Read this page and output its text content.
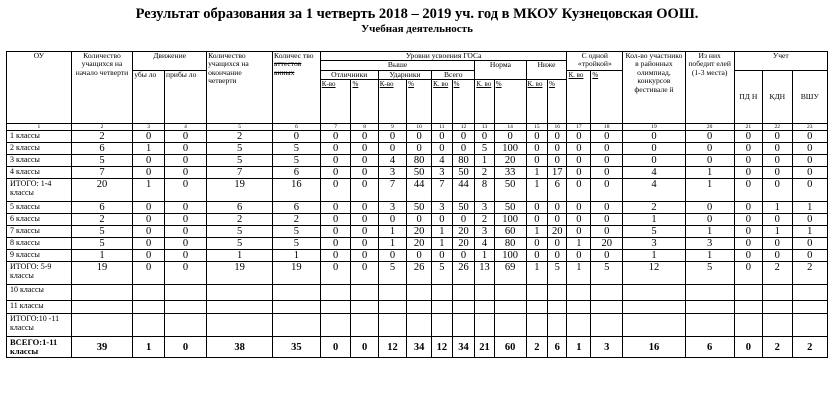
Результат образования за 1 четверть 2018 – 2019 уч. год в МКОУ Кузнецовская ООШ.
Учебная деятельность
ОУ	Количество учащихся на начало четверти	Движение		Количество учащихся на окончание четверти	Количес тво аттестов анных	Уровни усвоения ГОСа										С одной «тройкой»		Кол-во участнико в районных олимпиад, конкурсов фестивале й	Из них победит елей (1-3 места)	Учет		
						Выше						Норма		Ниже								
		убы ло	прибы ло			Отличники		Ударники		Всего						К. во	%			ПД Н	КДН	ВШУ
						К-во	%	К-во	%	К. во	%	К. во	%	К. во	%							
1	2	3	4	5	6	7	8	9	10	11	12	13	14	15	16	17	18	19	20	21	22	23
1 классы	2	0	0	2	0	0	0	0	0	0	0	0	0	0	0	0	0	0	0	0	0	0
2 классы	6	1	0	5	5	0	0	0	0	0	0	5	100	0	0	0	0	0	0	0	0	0
3 классы	5	0	0	5	5	0	0	4	80	4	80	1	20	0	0	0	0	0	0	0	0	0
4 классы	7	0	0	7	6	0	0	3	50	3	50	2	33	1	17	0	0	4	1	0	0	0
ИТОГО: 1-4 классы	20	1	0	19	16	0	0	7	44	7	44	8	50	1	6	0	0	4	1	0	0	0
5 классы	6	0	0	6	6	0	0	3	50	3	50	3	50	0	0	0	0	2	0	0	1	1
6 классы	2	0	0	2	2	0	0	0	0	0	0	2	100	0	0	0	0	1	0	0	0	0
7 классы	5	0	0	5	5	0	0	1	20	1	20	3	60	1	20	0	0	5	1	0	1	1
8 классы	5	0	0	5	5	0	0	1	20	1	20	4	80	0	0	1	20	3	3	0	0	0
9 классы	1	0	0	1	1	0	0	0	0	0	0	1	100	0	0	0	0	1	1	0	0	0
ИТОГО: 5-9 классы	19	0	0	19	19	0	0	5	26	5	26	13	69	1	5	1	5	12	5	0	2	2
10 классы																						
11 классы																						
ИТОГО:10 -11 классы																						
ВСЕГО:1-11 классы	39	1	0	38	35	0	0	12	34	12	34	21	60	2	6	1	3	16	6	0	2	2
